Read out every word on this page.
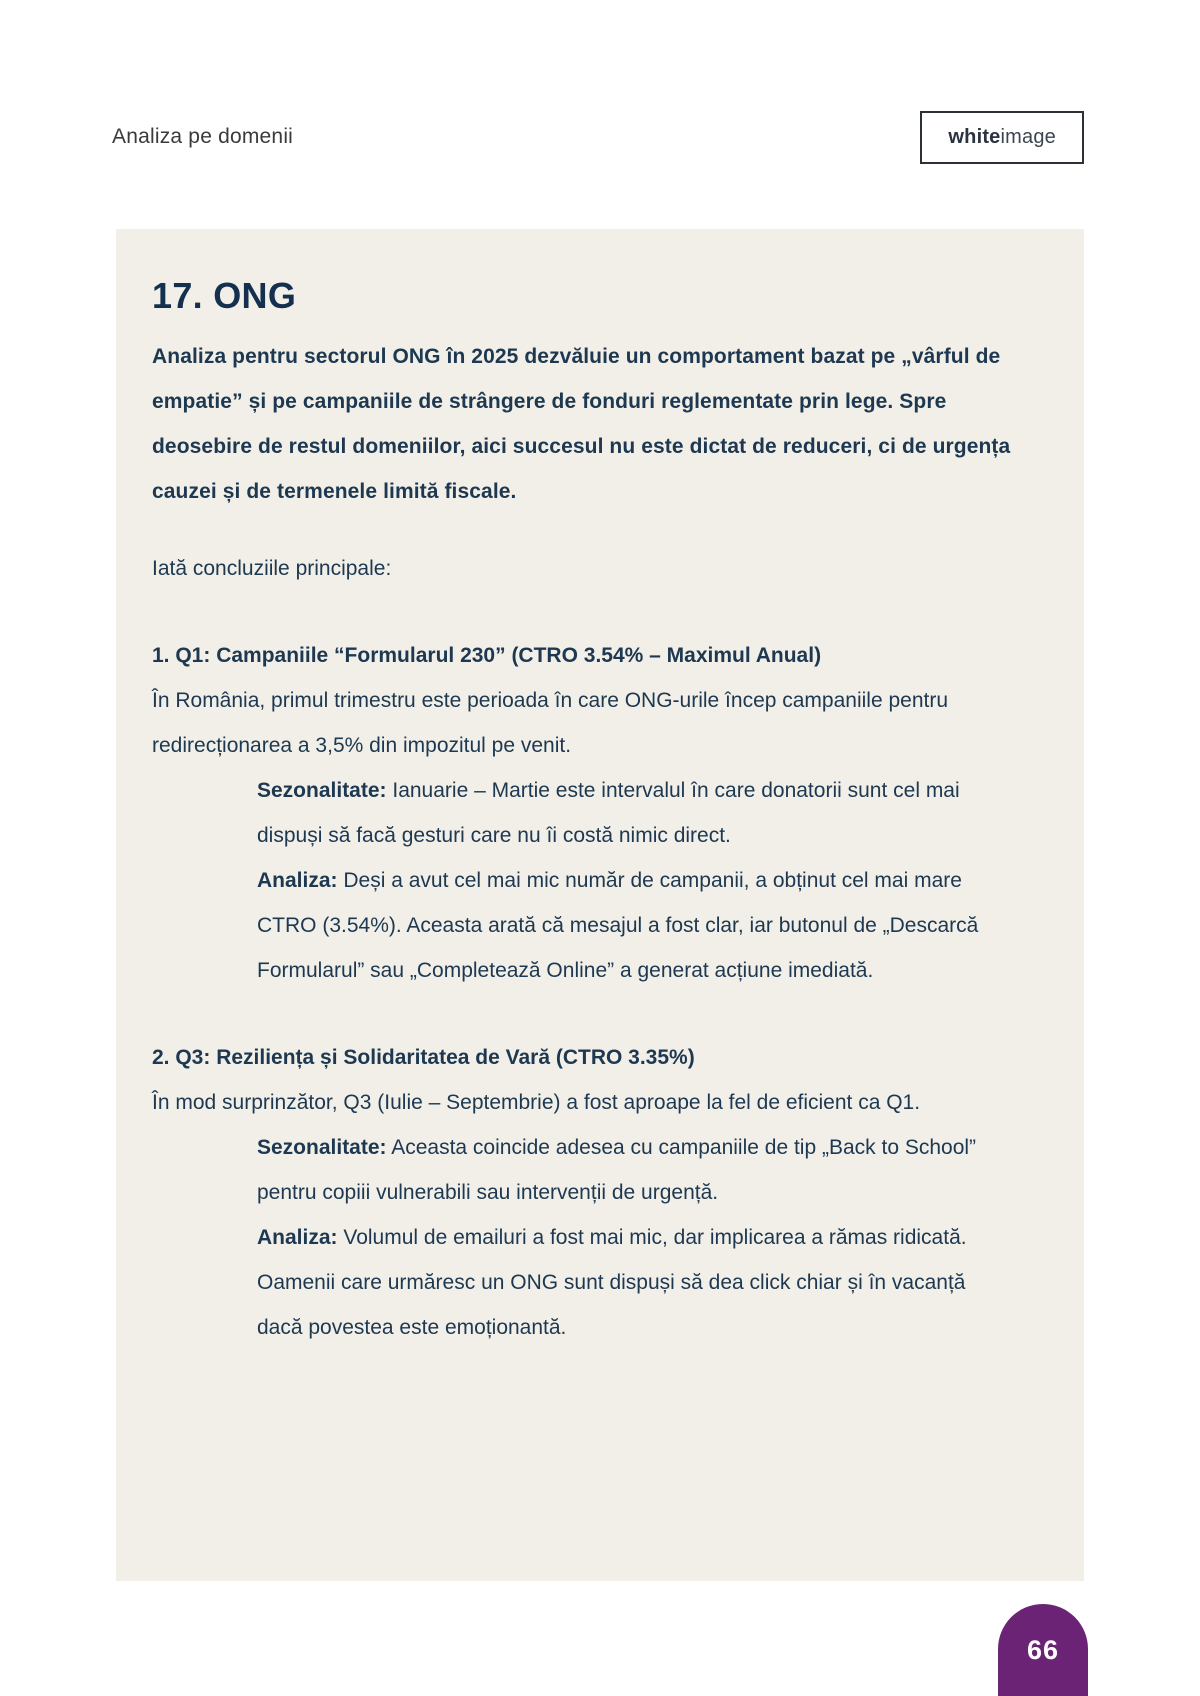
Analiza pe domenii	whiteimage
17. ONG

Analiza pentru sectorul ONG în 2025 dezvăluie un comportament bazat pe „vârful de empatie” și pe campaniile de strângere de fonduri reglementate prin lege. Spre deosebire de restul domeniilor, aici succesul nu este dictat de reduceri, ci de urgența cauzei și de termenele limită fiscale.

Iată concluziile principale:

1. Q1: Campaniile “Formularul 230” (CTRO 3.54% – Maximul Anual)

În România, primul trimestru este perioada în care ONG-urile încep campaniile pentru redirecționarea a 3,5% din impozitul pe venit.

Sezonalitate: Ianuarie – Martie este intervalul în care donatorii sunt cel mai dispuși să facă gesturi care nu îi costă nimic direct.

Analiza: Deși a avut cel mai mic număr de campanii, a obținut cel mai mare CTRO (3.54%). Aceasta arată că mesajul a fost clar, iar butonul de „Descarcă Formularul” sau „Completează Online” a generat acțiune imediată.

2. Q3: Reziliența și Solidaritatea de Vară (CTRO 3.35%)

În mod surprinzător, Q3 (Iulie – Septembrie) a fost aproape la fel de eficient ca Q1.

Sezonalitate: Aceasta coincide adesea cu campaniile de tip „Back to School” pentru copiii vulnerabili sau intervenții de urgență.

Analiza: Volumul de emailuri a fost mai mic, dar implicarea a rămas ridicată. Oamenii care urmăresc un ONG sunt dispuși să dea click chiar și în vacanță dacă povestea este emoționantă.

66
